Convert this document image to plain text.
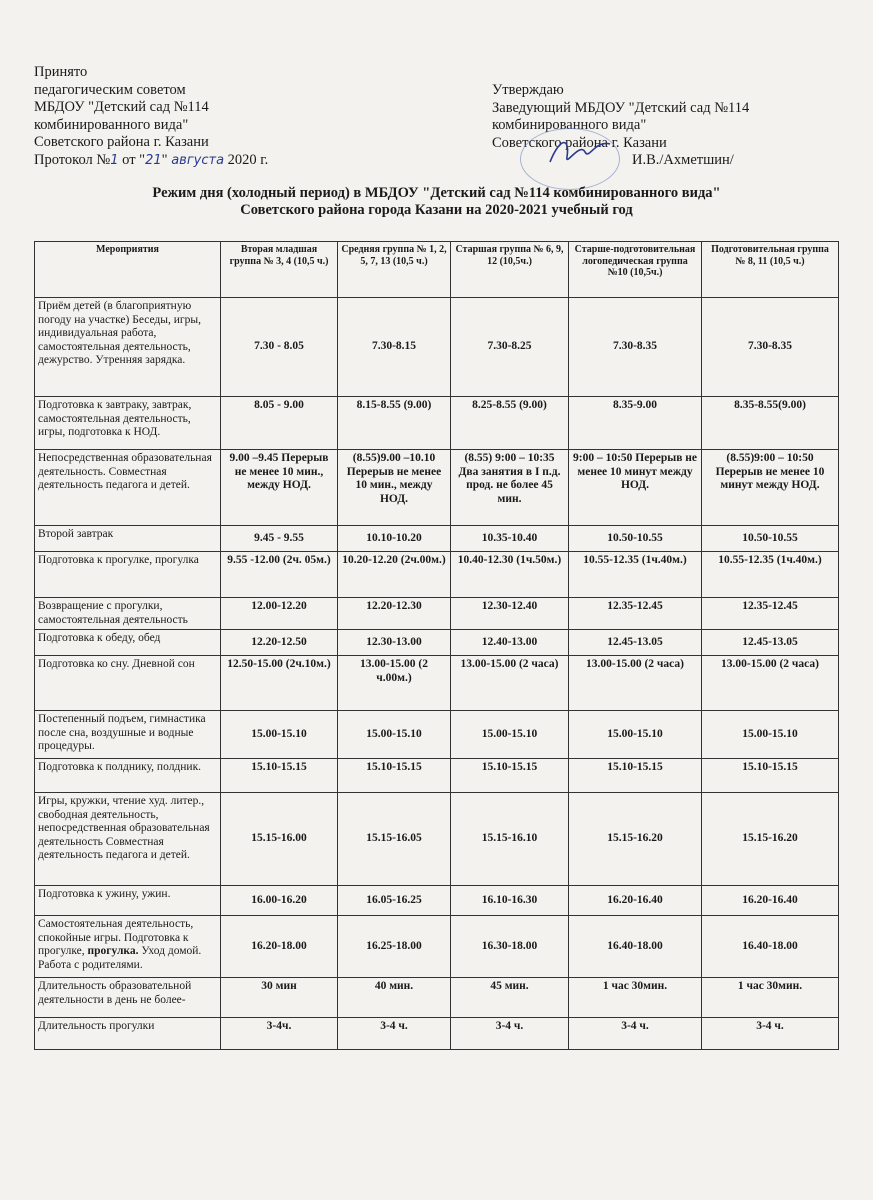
Принято
педагогическим советом
МБДОУ "Детский сад №114
комбинированного вида"
Советского района г. Казани
Протокол №1 от "21" августа 2020 г.
Утверждаю
Заведующий МБДОУ "Детский сад №114
комбинированного вида"
Советского района г. Казани
И.В./Ахметшин/
Режим дня (холодный период) в МБДОУ "Детский сад №114 комбинированного вида"
Советского района города Казани на 2020-2021 учебный год
Мероприятия	Вторая младшая группа № 3, 4 (10,5 ч.)	Средняя группа № 1, 2, 5, 7, 13 (10,5 ч.)	Старшая группа № 6, 9, 12 (10,5ч.)	Старше-подготовительная логопедическая группа №10 (10,5ч.)	Подготовительная группа № 8, 11 (10,5 ч.)
Приём детей (в благоприятную погоду на участке) Беседы, игры, индивидуальная работа, самостоятельная деятельность, дежурство. Утренняя зарядка.	7.30 - 8.05	7.30-8.15	7.30-8.25	7.30-8.35	7.30-8.35
Подготовка к завтраку, завтрак, самостоятельная деятельность, игры, подготовка к НОД.	8.05 - 9.00	8.15-8.55 (9.00)	8.25-8.55 (9.00)	8.35-9.00	8.35-8.55(9.00)
Непосредственная образовательная деятельность. Совместная деятельность педагога и детей.	9.00 –9.45 Перерыв не менее 10 мин., между НОД.	(8.55)9.00 –10.10 Перерыв не менее 10 мин., между НОД.	(8.55) 9:00 – 10:35 Два занятия в I п.д. прод. не более 45 мин.	9:00 – 10:50 Перерыв не менее 10 минут между НОД.	(8.55)9:00 – 10:50 Перерыв не менее 10 минут между НОД.
Второй завтрак	9.45 - 9.55	10.10-10.20	10.35-10.40	10.50-10.55	10.50-10.55
Подготовка к прогулке, прогулка	9.55 -12.00 (2ч. 05м.)	10.20-12.20 (2ч.00м.)	10.40-12.30 (1ч.50м.)	10.55-12.35 (1ч.40м.)	10.55-12.35 (1ч.40м.)
Возвращение с прогулки, самостоятельная деятельность	12.00-12.20	12.20-12.30	12.30-12.40	12.35-12.45	12.35-12.45
Подготовка к обеду, обед	12.20-12.50	12.30-13.00	12.40-13.00	12.45-13.05	12.45-13.05
Подготовка ко сну. Дневной сон	12.50-15.00 (2ч.10м.)	13.00-15.00 (2 ч.00м.)	13.00-15.00 (2 часа)	13.00-15.00 (2 часа)	13.00-15.00 (2 часа)
Постепенный подъем, гимнастика после сна, воздушные и водные процедуры.	15.00-15.10	15.00-15.10	15.00-15.10	15.00-15.10	15.00-15.10
Подготовка к полднику, полдник.	15.10-15.15	15.10-15.15	15.10-15.15	15.10-15.15	15.10-15.15
Игры, кружки, чтение худ. литер., свободная деятельность, непосредственная образовательная деятельность Совместная деятельность педагога и детей.	15.15-16.00	15.15-16.05	15.15-16.10	15.15-16.20	15.15-16.20
Подготовка к ужину, ужин.	16.00-16.20	16.05-16.25	16.10-16.30	16.20-16.40	16.20-16.40
Самостоятельная деятельность, спокойные игры. Подготовка к прогулке, прогулка. Уход домой. Работа с родителями.	16.20-18.00	16.25-18.00	16.30-18.00	16.40-18.00	16.40-18.00
Длительность образовательной деятельности в день не более-	30 мин	40 мин.	45 мин.	1 час 30мин.	1 час 30мин.
Длительность прогулки	3-4ч.	3-4 ч.	3-4 ч.	3-4 ч.	3-4 ч.
